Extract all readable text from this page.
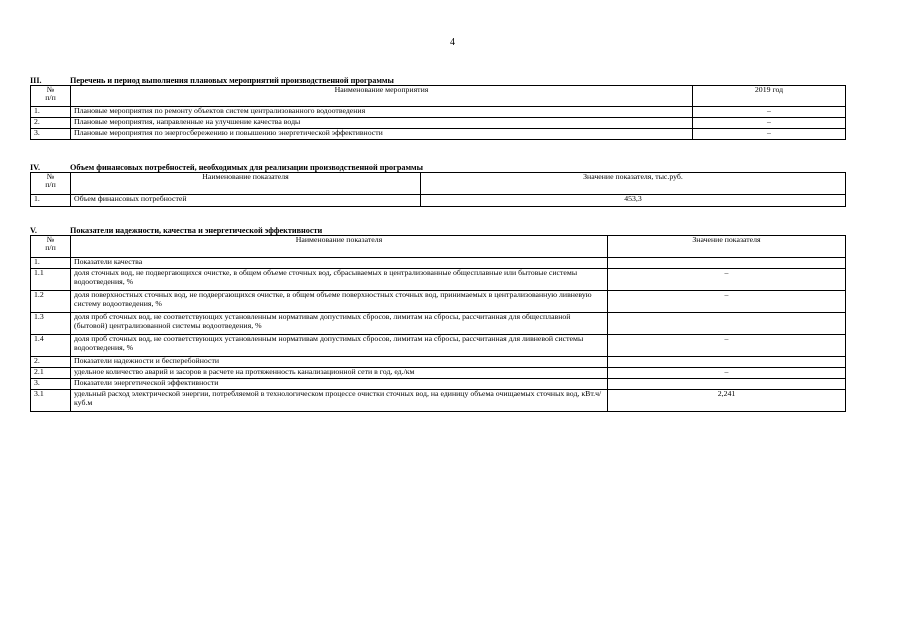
4
III.	Перечень и период выполнения плановых мероприятий производственной программы
№
п/п	Наименование мероприятия	2019 год
1.	Плановые мероприятия по ремонту объектов систем централизованного водоотведения	–
2.	Плановые мероприятия, направленные на улучшение качества воды	–
3.	Плановые мероприятия по энергосбережению и повышению энергетической эффективности	–
IV.	Объем финансовых потребностей, необходимых для реализации производственной программы
№
п/п	Наименование показателя	Значение показателя, тыс.руб.
1.	Объем финансовых потребностей	453,3
V.	Показатели надежности, качества и энергетической эффективности
№
п/п	Наименование показателя	Значение показателя
1.	Показатели качества	
1.1	доля сточных вод, не подвергающихся очистке, в общем объеме сточных вод, сбрасываемых в централизованные общесплавные или бытовые системы водоотведения, %	–
1.2	доля поверхностных сточных вод, не подвергающихся очистке, в общем объеме поверхностных сточных вод, принимаемых в централизованную ливневую систему водоотведения, %	–
1.3	доля проб сточных вод, не соответствующих установленным нормативам допустимых сбросов, лимитам на сбросы, рассчитанная для общесплавной (бытовой) централизованной системы водоотведения, %	
1.4	доля проб сточных вод, не соответствующих установленным нормативам допустимых сбросов, лимитам на сбросы, рассчитанная для ливневой системы водоотведения, %	–
2.	Показатели надежности и бесперебойности	
2.1	удельное количество аварий и засоров в расчете на протяженность канализационной сети в год, ед./км	–
3.	Показатели энергетической эффективности	
3.1	удельный расход электрической энергии, потребляемой в технологическом процессе очистки сточных вод, на единицу объема очищаемых сточных вод, кВт.ч/куб.м	2,241
